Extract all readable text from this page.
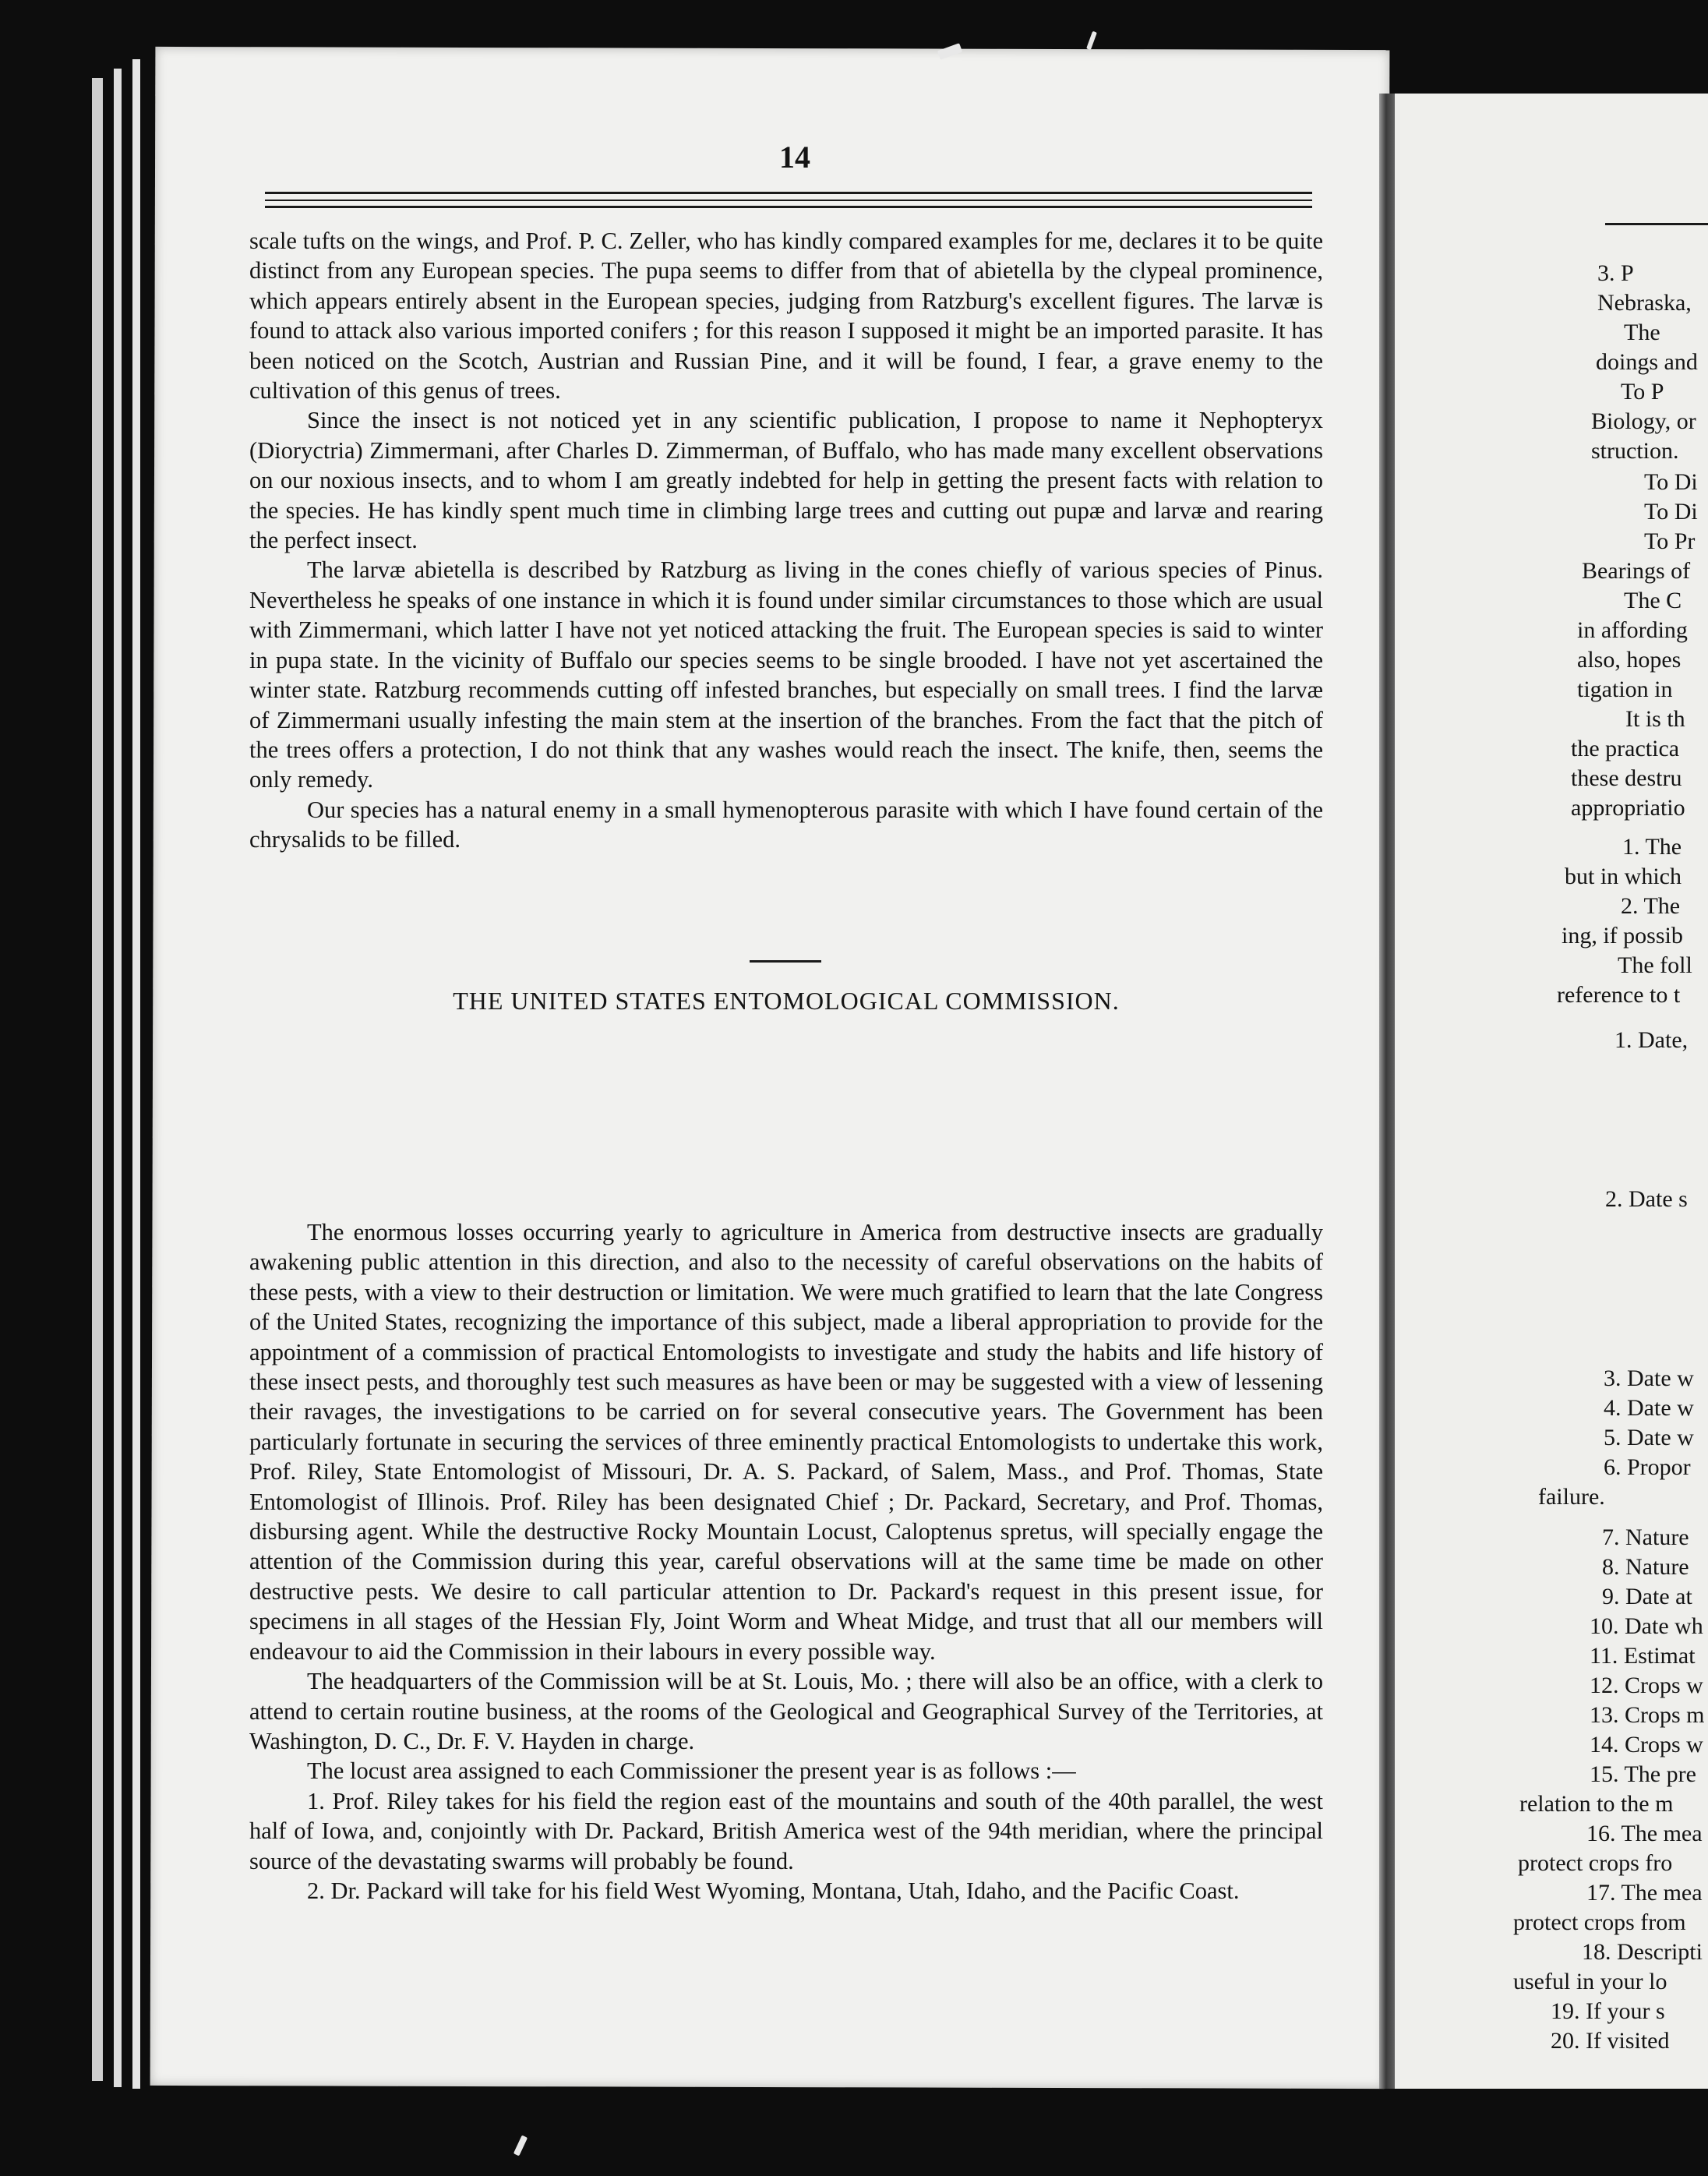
14

scale tufts on the wings, and Prof. P. C. Zeller, who has kindly compared examples for me, declares it to be quite distinct from any European species. The pupa seems to differ from that of abietella by the clypeal prominence, which appears entirely absent in the European species, judging from Ratzburg's excellent figures. The larvæ is found to attack also various imported conifers ; for this reason I supposed it might be an imported parasite. It has been noticed on the Scotch, Austrian and Russian Pine, and it will be found, I fear, a grave enemy to the cultivation of this genus of trees.

Since the insect is not noticed yet in any scientific publication, I propose to name it Nephopteryx (Dioryctria) Zimmermani, after Charles D. Zimmerman, of Buffalo, who has made many excellent observations on our noxious insects, and to whom I am greatly indebted for help in getting the present facts with relation to the species. He has kindly spent much time in climbing large trees and cutting out pupæ and larvæ and rearing the perfect insect.

The larvæ abietella is described by Ratzburg as living in the cones chiefly of various species of Pinus. Nevertheless he speaks of one instance in which it is found under similar circumstances to those which are usual with Zimmermani, which latter I have not yet noticed attacking the fruit. The European species is said to winter in pupa state. In the vicinity of Buffalo our species seems to be single brooded. I have not yet ascertained the winter state. Ratzburg recommends cutting off infested branches, but especially on small trees. I find the larvæ of Zimmermani usually infesting the main stem at the insertion of the branches. From the fact that the pitch of the trees offers a protection, I do not think that any washes would reach the insect. The knife, then, seems the only remedy.

Our species has a natural enemy in a small hymenopterous parasite with which I have found certain of the chrysalids to be filled.

THE UNITED STATES ENTOMOLOGICAL COMMISSION.

The enormous losses occurring yearly to agriculture in America from destructive insects are gradually awakening public attention in this direction, and also to the necessity of careful observations on the habits of these pests, with a view to their destruction or limitation. We were much gratified to learn that the late Congress of the United States, recognizing the importance of this subject, made a liberal appropriation to provide for the appointment of a commission of practical Entomologists to investigate and study the habits and life history of these insect pests, and thoroughly test such measures as have been or may be suggested with a view of lessening their ravages, the investigations to be carried on for several consecutive years. The Government has been particularly fortunate in securing the services of three eminently practical Entomologists to undertake this work, Prof. Riley, State Entomologist of Missouri, Dr. A. S. Packard, of Salem, Mass., and Prof. Thomas, State Entomologist of Illinois. Prof. Riley has been designated Chief ; Dr. Packard, Secretary, and Prof. Thomas, disbursing agent. While the destructive Rocky Mountain Locust, Caloptenus spretus, will specially engage the attention of the Commission during this year, careful observations will at the same time be made on other destructive pests. We desire to call particular attention to Dr. Packard's request in this present issue, for specimens in all stages of the Hessian Fly, Joint Worm and Wheat Midge, and trust that all our members will endeavour to aid the Commission in their labours in every possible way.

The headquarters of the Commission will be at St. Louis, Mo. ; there will also be an office, with a clerk to attend to certain routine business, at the rooms of the Geological and Geographical Survey of the Territories, at Washington, D. C., Dr. F. V. Hayden in charge.

The locust area assigned to each Commissioner the present year is as follows :—

1. Prof. Riley takes for his field the region east of the mountains and south of the 40th parallel, the west half of Iowa, and, conjointly with Dr. Packard, British America west of the 94th meridian, where the principal source of the devastating swarms will probably be found.

2. Dr. Packard will take for his field West Wyoming, Montana, Utah, Idaho, and the Pacific Coast.

3. P
Nebraska,
The
doings and
To P
Biology, or
struction.
To Di
To Di
To Pr
Bearings of
The C
in affording
also, hopes
tigation in
It is th
the practica
these destru
appropriatio
1. The
but in which
2. The
ing, if possib
The foll
reference to t
1. Date,
2. Date s
3. Date w
4. Date w
5. Date w
6. Propor
failure.
7. Nature
8. Nature
9. Date at
10. Date wh
11. Estimat
12. Crops w
13. Crops m
14. Crops w
15. The pre
relation to the m
16. The mea
protect crops fro
17. The mea
protect crops from
18. Descripti
useful in your lo
19. If your s
20. If visited
